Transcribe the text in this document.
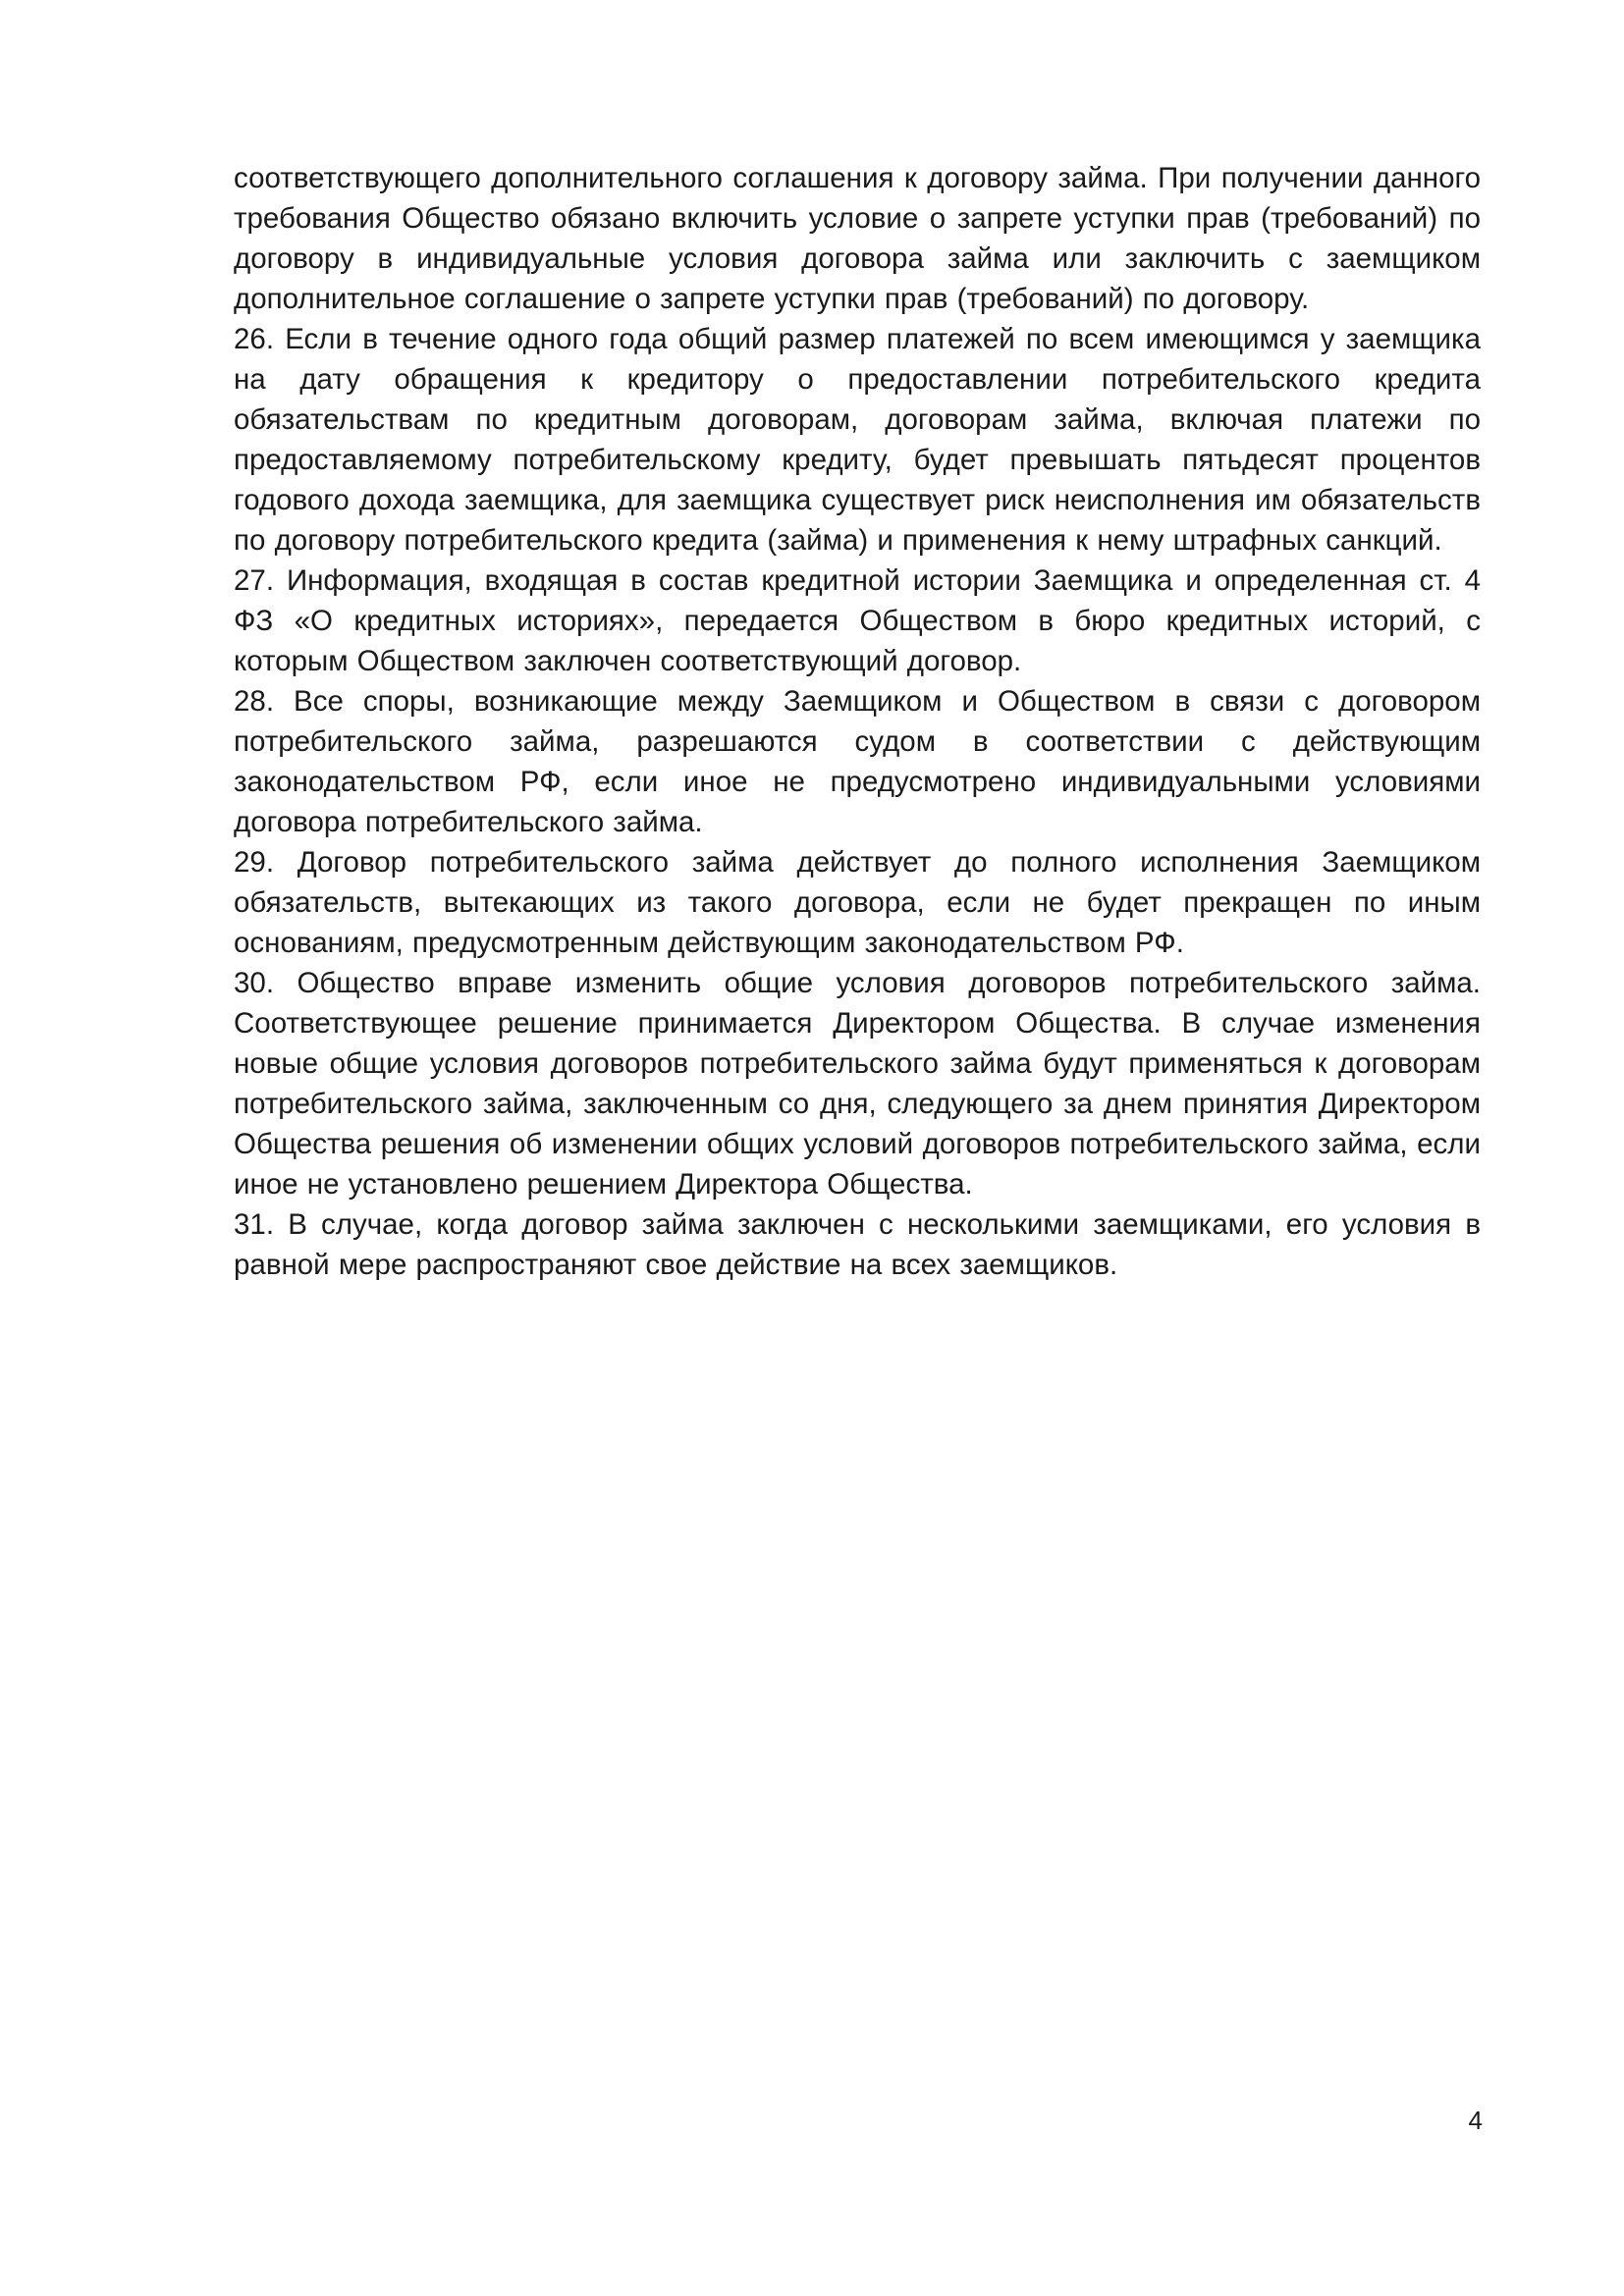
соответствующего дополнительного соглашения к договору займа. При получении данного требования Общество обязано включить условие о запрете уступки прав (требований) по договору в индивидуальные условия договора займа или заключить с заемщиком дополнительное соглашение о запрете уступки прав (требований) по договору.

26. Если в течение одного года общий размер платежей по всем имеющимся у заемщика на дату обращения к кредитору о предоставлении потребительского кредита обязательствам по кредитным договорам, договорам займа, включая платежи по предоставляемому потребительскому кредиту, будет превышать пятьдесят процентов годового дохода заемщика, для заемщика существует риск неисполнения им обязательств по договору потребительского кредита (займа) и применения к нему штрафных санкций.

27. Информация, входящая в состав кредитной истории Заемщика и определенная ст. 4 ФЗ «О кредитных историях», передается Обществом в бюро кредитных историй, с которым Обществом заключен соответствующий договор.

28. Все споры, возникающие между Заемщиком и Обществом в связи с договором потребительского займа, разрешаются судом в соответствии с действующим законодательством РФ, если иное не предусмотрено индивидуальными условиями договора потребительского займа.

29. Договор потребительского займа действует до полного исполнения Заемщиком обязательств, вытекающих из такого договора, если не будет прекращен по иным основаниям, предусмотренным действующим законодательством РФ.

30. Общество вправе изменить общие условия договоров потребительского займа. Соответствующее решение принимается Директором Общества. В случае изменения новые общие условия договоров потребительского займа будут применяться к договорам потребительского займа, заключенным со дня, следующего за днем принятия Директором Общества решения об изменении общих условий договоров потребительского займа, если иное не установлено решением Директора Общества.

31. В случае, когда договор займа заключен с несколькими заемщиками, его условия в равной мере распространяют свое действие на всех заемщиков.

4
